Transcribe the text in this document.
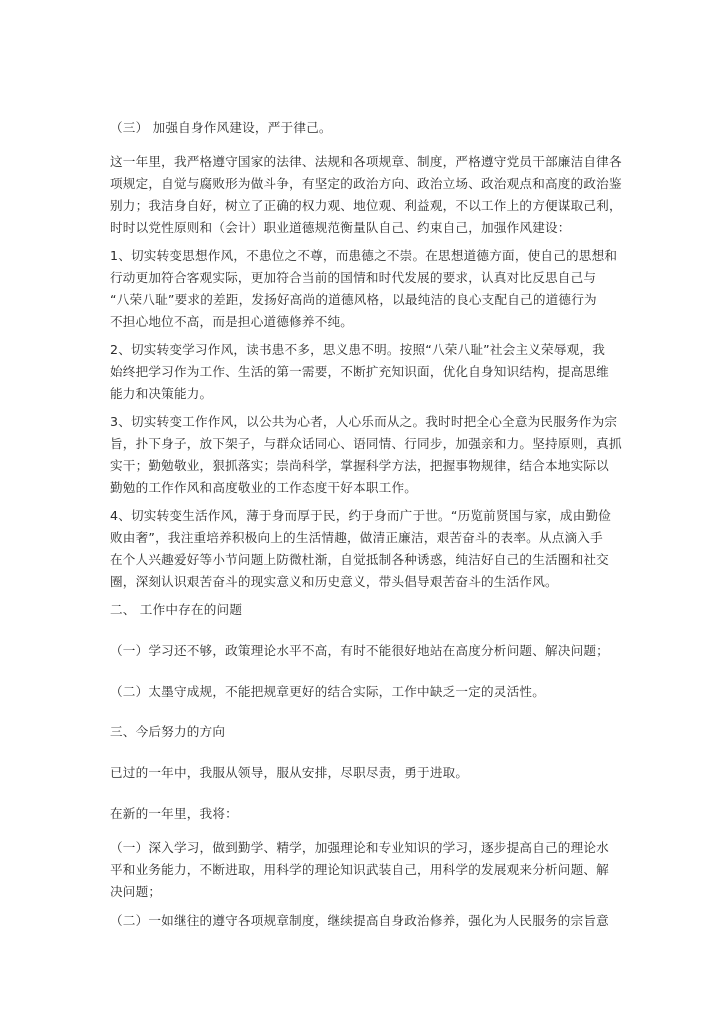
（三） 加强自身作风建设，严于律己。

这一年里，我严格遵守国家的法律、法规和各项规章、制度，严格遵守党员干部廉洁自律各
项规定，自觉与腐败形为做斗争，有坚定的政治方向、政治立场、政治观点和高度的政治鉴
别力；我洁身自好，树立了正确的权力观、地位观、利益观，不以工作上的方便谋取己利，
时时以党性原则和（会计）职业道德规范衡量队自己、约束自己，加强作风建设：

1、切实转变思想作风，不患位之不尊，而患德之不崇。在思想道德方面，使自己的思想和
行动更加符合客观实际，更加符合当前的国情和时代发展的要求，认真对比反思自己与
“八荣八耻”要求的差距，发扬好高尚的道德风格，以最纯洁的良心支配自己的道德行为
不担心地位不高，而是担心道德修养不纯。

2、切实转变学习作风，读书患不多，思义患不明。按照“八荣八耻”社会主义荣辱观，我
始终把学习作为工作、生活的第一需要，不断扩充知识面，优化自身知识结构，提高思维
能力和决策能力。

3、切实转变工作作风，以公共为心者，人心乐而从之。我时时把全心全意为民服务作为宗
旨，扑下身子，放下架子，与群众话同心、语同情、行同步，加强亲和力。坚持原则，真抓
实干；勤勉敬业，狠抓落实；崇尚科学，掌握科学方法，把握事物规律，结合本地实际以
勤勉的工作作风和高度敬业的工作态度干好本职工作。

4、切实转变生活作风，薄于身而厚于民，约于身而广于世。“历览前贤国与家，成由勤俭
败由奢”，我注重培养积极向上的生活情趣，做清正廉洁，艰苦奋斗的表率。从点滴入手
在个人兴趣爱好等小节问题上防微杜渐，自觉抵制各种诱惑，纯洁好自己的生活圈和社交
圈，深刻认识艰苦奋斗的现实意义和历史意义，带头倡导艰苦奋斗的生活作风。

二、 工作中存在的问题

（一）学习还不够，政策理论水平不高，有时不能很好地站在高度分析问题、解决问题；

（二）太墨守成规，不能把规章更好的结合实际，工作中缺乏一定的灵活性。

三、今后努力的方向

已过的一年中，我服从领导，服从安排，尽职尽责，勇于进取。

在新的一年里，我将：

（一）深入学习，做到勤学、精学，加强理论和专业知识的学习，逐步提高自己的理论水
平和业务能力，不断进取，用科学的理论知识武装自己，用科学的发展观来分析问题、解
决问题；

（二）一如继往的遵守各项规章制度，继续提高自身政治修养，强化为人民服务的宗旨意
